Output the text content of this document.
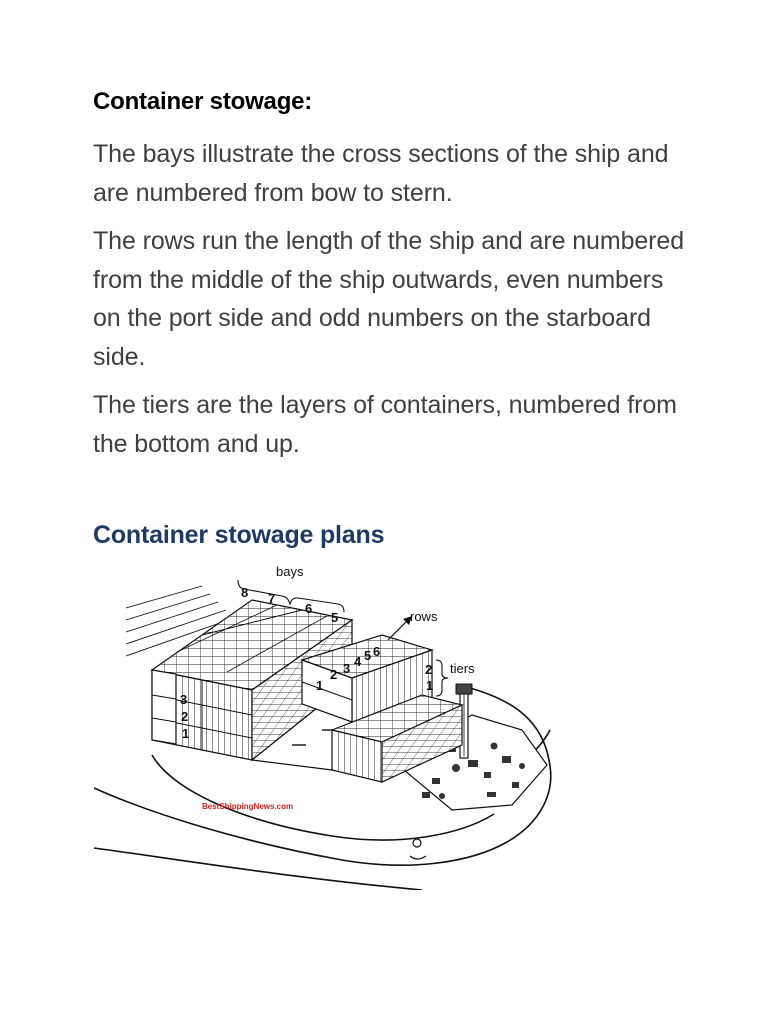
Container stowage:

The bays illustrate the cross sections of the ship and are numbered from bow to stern.

The rows run the length of the ship and are numbered from the middle of the ship outwards, even numbers on the port side and odd numbers on the starboard side.

The tiers are the layers of containers, numbered from the bottom and up.

Container stowage plans
bays
8 7
6
5	rows
1
2 3 4 5 6
tiers
2
1
3
2
1
BestShippingNews.com
